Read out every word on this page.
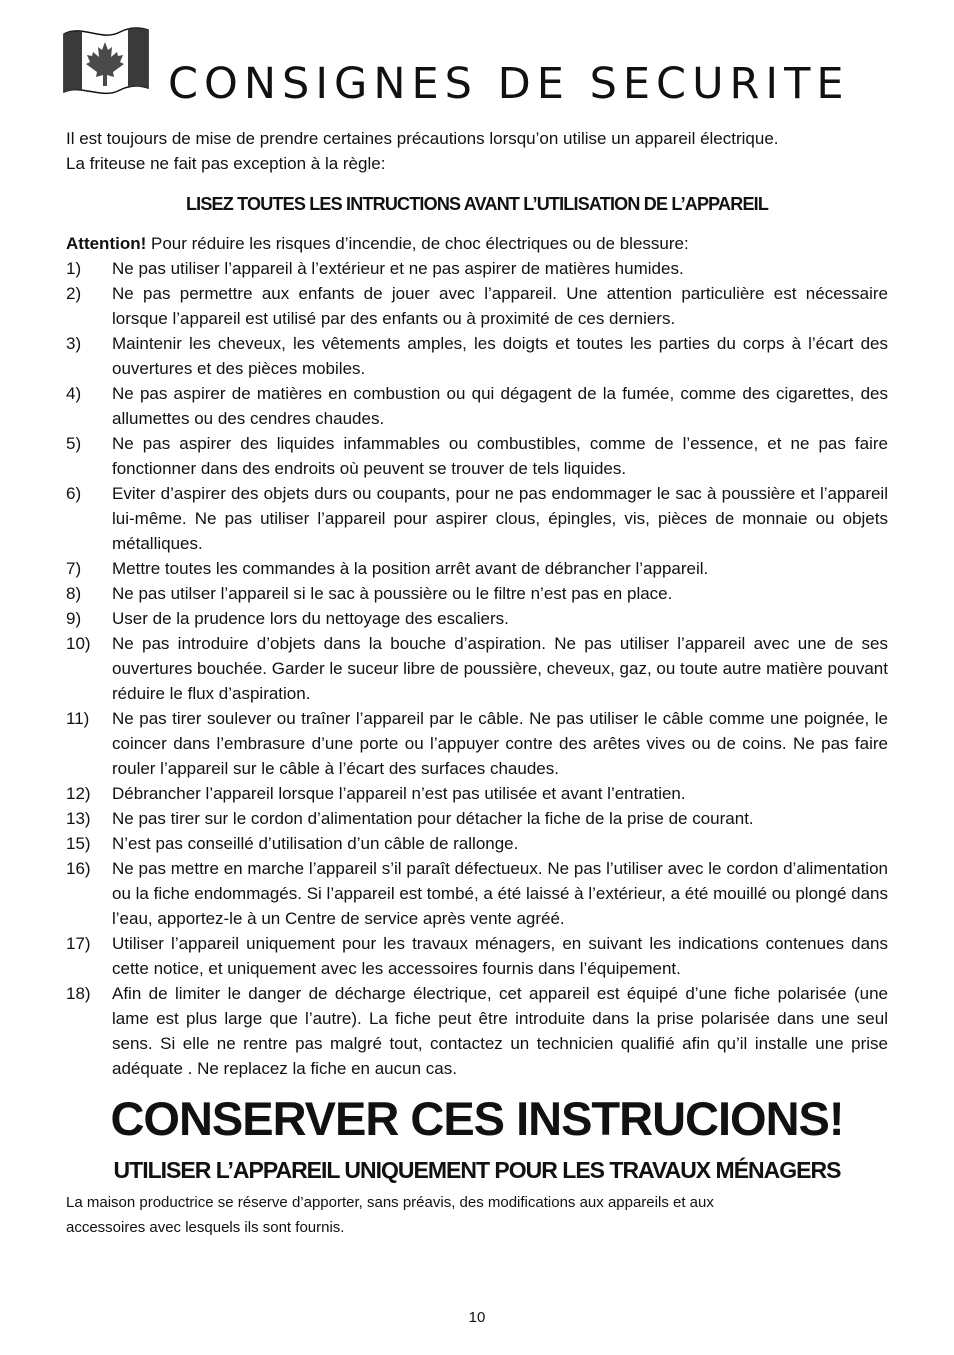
CONSIGNES DE SECURITE
Il est toujours de mise de prendre certaines précautions lorsqu’on utilise un appareil électrique.
La friteuse ne fait pas exception à la règle:
LISEZ TOUTES LES INTRUCTIONS AVANT L’UTILISATION DE L’APPAREIL
Attention! Pour réduire les risques d’incendie, de choc électriques ou de blessure:
1)	Ne pas utiliser l’appareil à l’extérieur et ne pas aspirer de matières humides.
2)	Ne pas permettre aux enfants de jouer avec l’appareil. Une attention particulière est nécessaire lorsque l’appareil est utilisé par des enfants ou à proximité de ces derniers.
3)	Maintenir les cheveux, les vêtements amples, les doigts et toutes les parties du corps à l’écart des ouvertures et des pièces mobiles.
4)	Ne pas aspirer de matières en combustion ou qui dégagent de la fumée, comme des cigarettes, des allumettes ou des cendres chaudes.
5)	Ne pas aspirer des liquides infammables ou combustibles, comme de l’essence, et ne pas faire fonctionner dans des endroits où peuvent se trouver de tels liquides.
6)	Eviter d’aspirer des objets durs ou coupants, pour ne pas endommager le sac à poussière et l’appareil lui-même. Ne pas utiliser l’appareil pour aspirer clous, épingles, vis, pièces de monnaie ou objets métalliques.
7)	Mettre toutes les commandes à la position arrêt avant de débrancher l’appareil.
8)	Ne pas utilser l’appareil si le sac à poussière ou le filtre n’est pas en place.
9)	User de la prudence lors du nettoyage des escaliers.
10)	Ne pas introduire d’objets dans la bouche d’aspiration. Ne pas utiliser l’appareil avec une de ses ouvertures bouchée. Garder le suceur libre de poussière, cheveux, gaz, ou toute autre matière pouvant réduire le flux d’aspiration.
11)	Ne pas tirer soulever ou traîner l’appareil par le câble. Ne pas utiliser le câble comme une poignée, le coincer dans l’embrasure d’une porte ou l’appuyer contre des arêtes vives ou de coins. Ne pas faire rouler l’appareil sur le câble à l’écart des surfaces chaudes.
12)	Débrancher l’appareil lorsque l’appareil n’est pas utilisée et avant l’entratien.
13)	Ne pas tirer sur le cordon d’alimentation pour détacher la fiche de la prise de courant.
15)	N’est pas conseillé d’utilisation d’un câble de rallonge.
16)	Ne pas mettre en marche l’appareil s’il paraît défectueux. Ne pas l’utiliser avec le cordon d’alimentation ou la fiche endommagés. Si l’appareil est tombé, a été laissé à l’extérieur, a été mouillé ou plongé dans l’eau, apportez-le à un Centre de service après vente agréé.
17)	Utiliser l’appareil uniquement pour les travaux ménagers, en suivant les indications contenues dans cette notice, et uniquement avec les accessoires fournis dans l’équipement.
18)	Afin de limiter le danger de décharge électrique, cet appareil est équipé d’une fiche polarisée (une lame est plus large que l’autre). La fiche peut être introduite dans la prise polarisée dans une seul sens. Si elle ne rentre pas malgré tout, contactez un technicien qualifié afin qu’il installe une prise adéquate . Ne replacez la fiche en aucun cas.
CONSERVER CES INSTRUCIONS!
UTILISER L’APPAREIL UNIQUEMENT POUR LES TRAVAUX MÉNAGERS
La maison productrice se réserve d’apporter, sans préavis, des modifications aux appareils et aux
accessoires avec lesquels ils sont fournis.
10
